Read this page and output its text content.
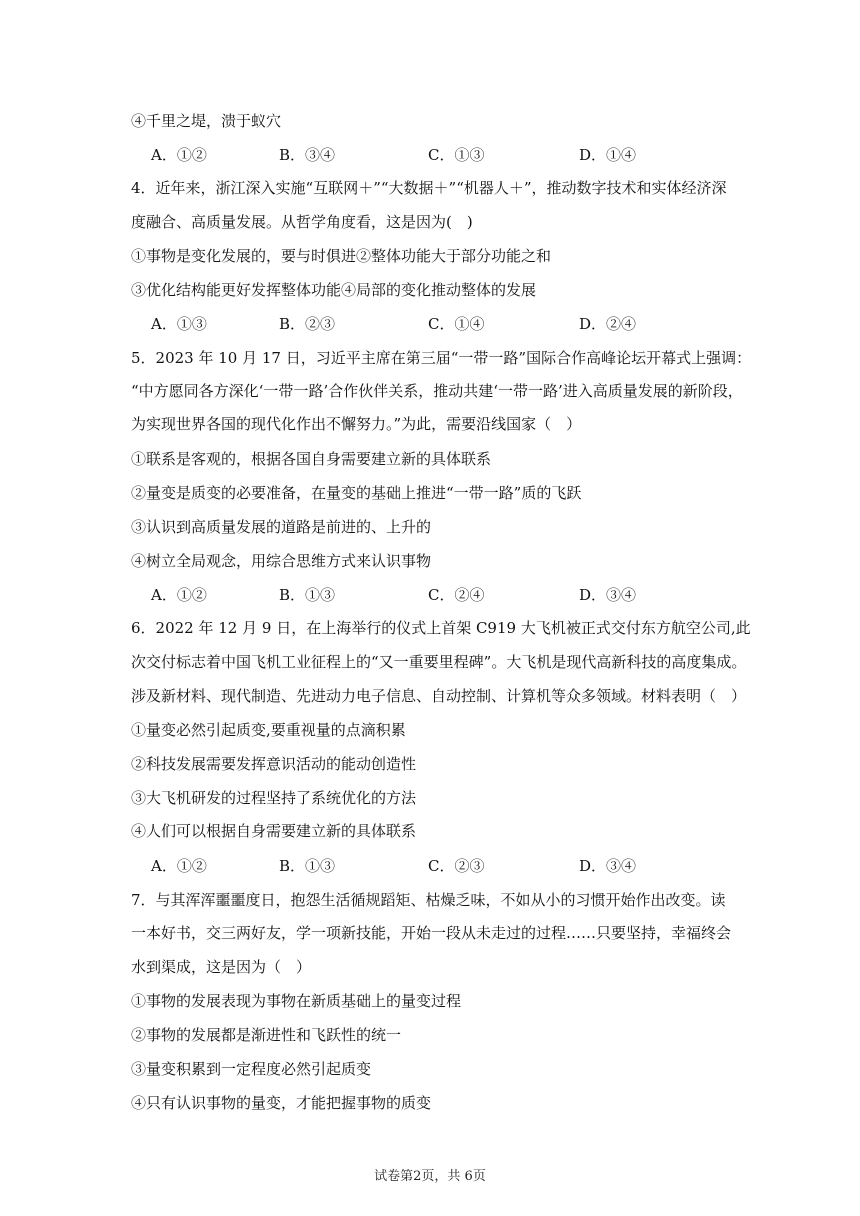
④千里之堤，溃于蚁穴
A．①②	B．③④	C．①③	D．①④
4．近年来，浙江深入实施“互联网＋”“大数据＋”“机器人＋”，推动数字技术和实体经济深
度融合、高质量发展。从哲学角度看，这是因为(　)
①事物是变化发展的，要与时俱进②整体功能大于部分功能之和
③优化结构能更好发挥整体功能④局部的变化推动整体的发展
A．①③	B．②③	C．①④	D．②④
5．2023 年 10 月 17 日，习近平主席在第三届“一带一路”国际合作高峰论坛开幕式上强调：
“中方愿同各方深化‘一带一路’合作伙伴关系，推动共建‘一带一路’进入高质量发展的新阶段，
为实现世界各国的现代化作出不懈努力。”为此，需要沿线国家（　）
①联系是客观的，根据各国自身需要建立新的具体联系
②量变是质变的必要准备，在量变的基础上推进“一带一路”质的飞跃
③认识到高质量发展的道路是前进的、上升的
④树立全局观念，用综合思维方式来认识事物
A．①②	B．①③	C．②④	D．③④
6．2022 年 12 月 9 日，在上海举行的仪式上首架 C919 大飞机被正式交付东方航空公司,此
次交付标志着中国飞机工业征程上的“又一重要里程碑”。大飞机是现代高新科技的高度集成。
涉及新材料、现代制造、先进动力电子信息、自动控制、计算机等众多领域。材料表明（　）
①量变必然引起质变,要重视量的点滴积累
②科技发展需要发挥意识活动的能动创造性
③大飞机研发的过程坚持了系统优化的方法
④人们可以根据自身需要建立新的具体联系
A．①②	B．①③	C．②③	D．③④
7．与其浑浑噩噩度日，抱怨生活循规蹈矩、枯燥乏味，不如从小的习惯开始作出改变。读
一本好书，交三两好友，学一项新技能，开始一段从未走过的过程……只要坚持，幸福终会
水到渠成，这是因为（　）
①事物的发展表现为事物在新质基础上的量变过程
②事物的发展都是渐进性和飞跃性的统一
③量变积累到一定程度必然引起质变
④只有认识事物的量变，才能把握事物的质变
试卷第2页，共 6页
